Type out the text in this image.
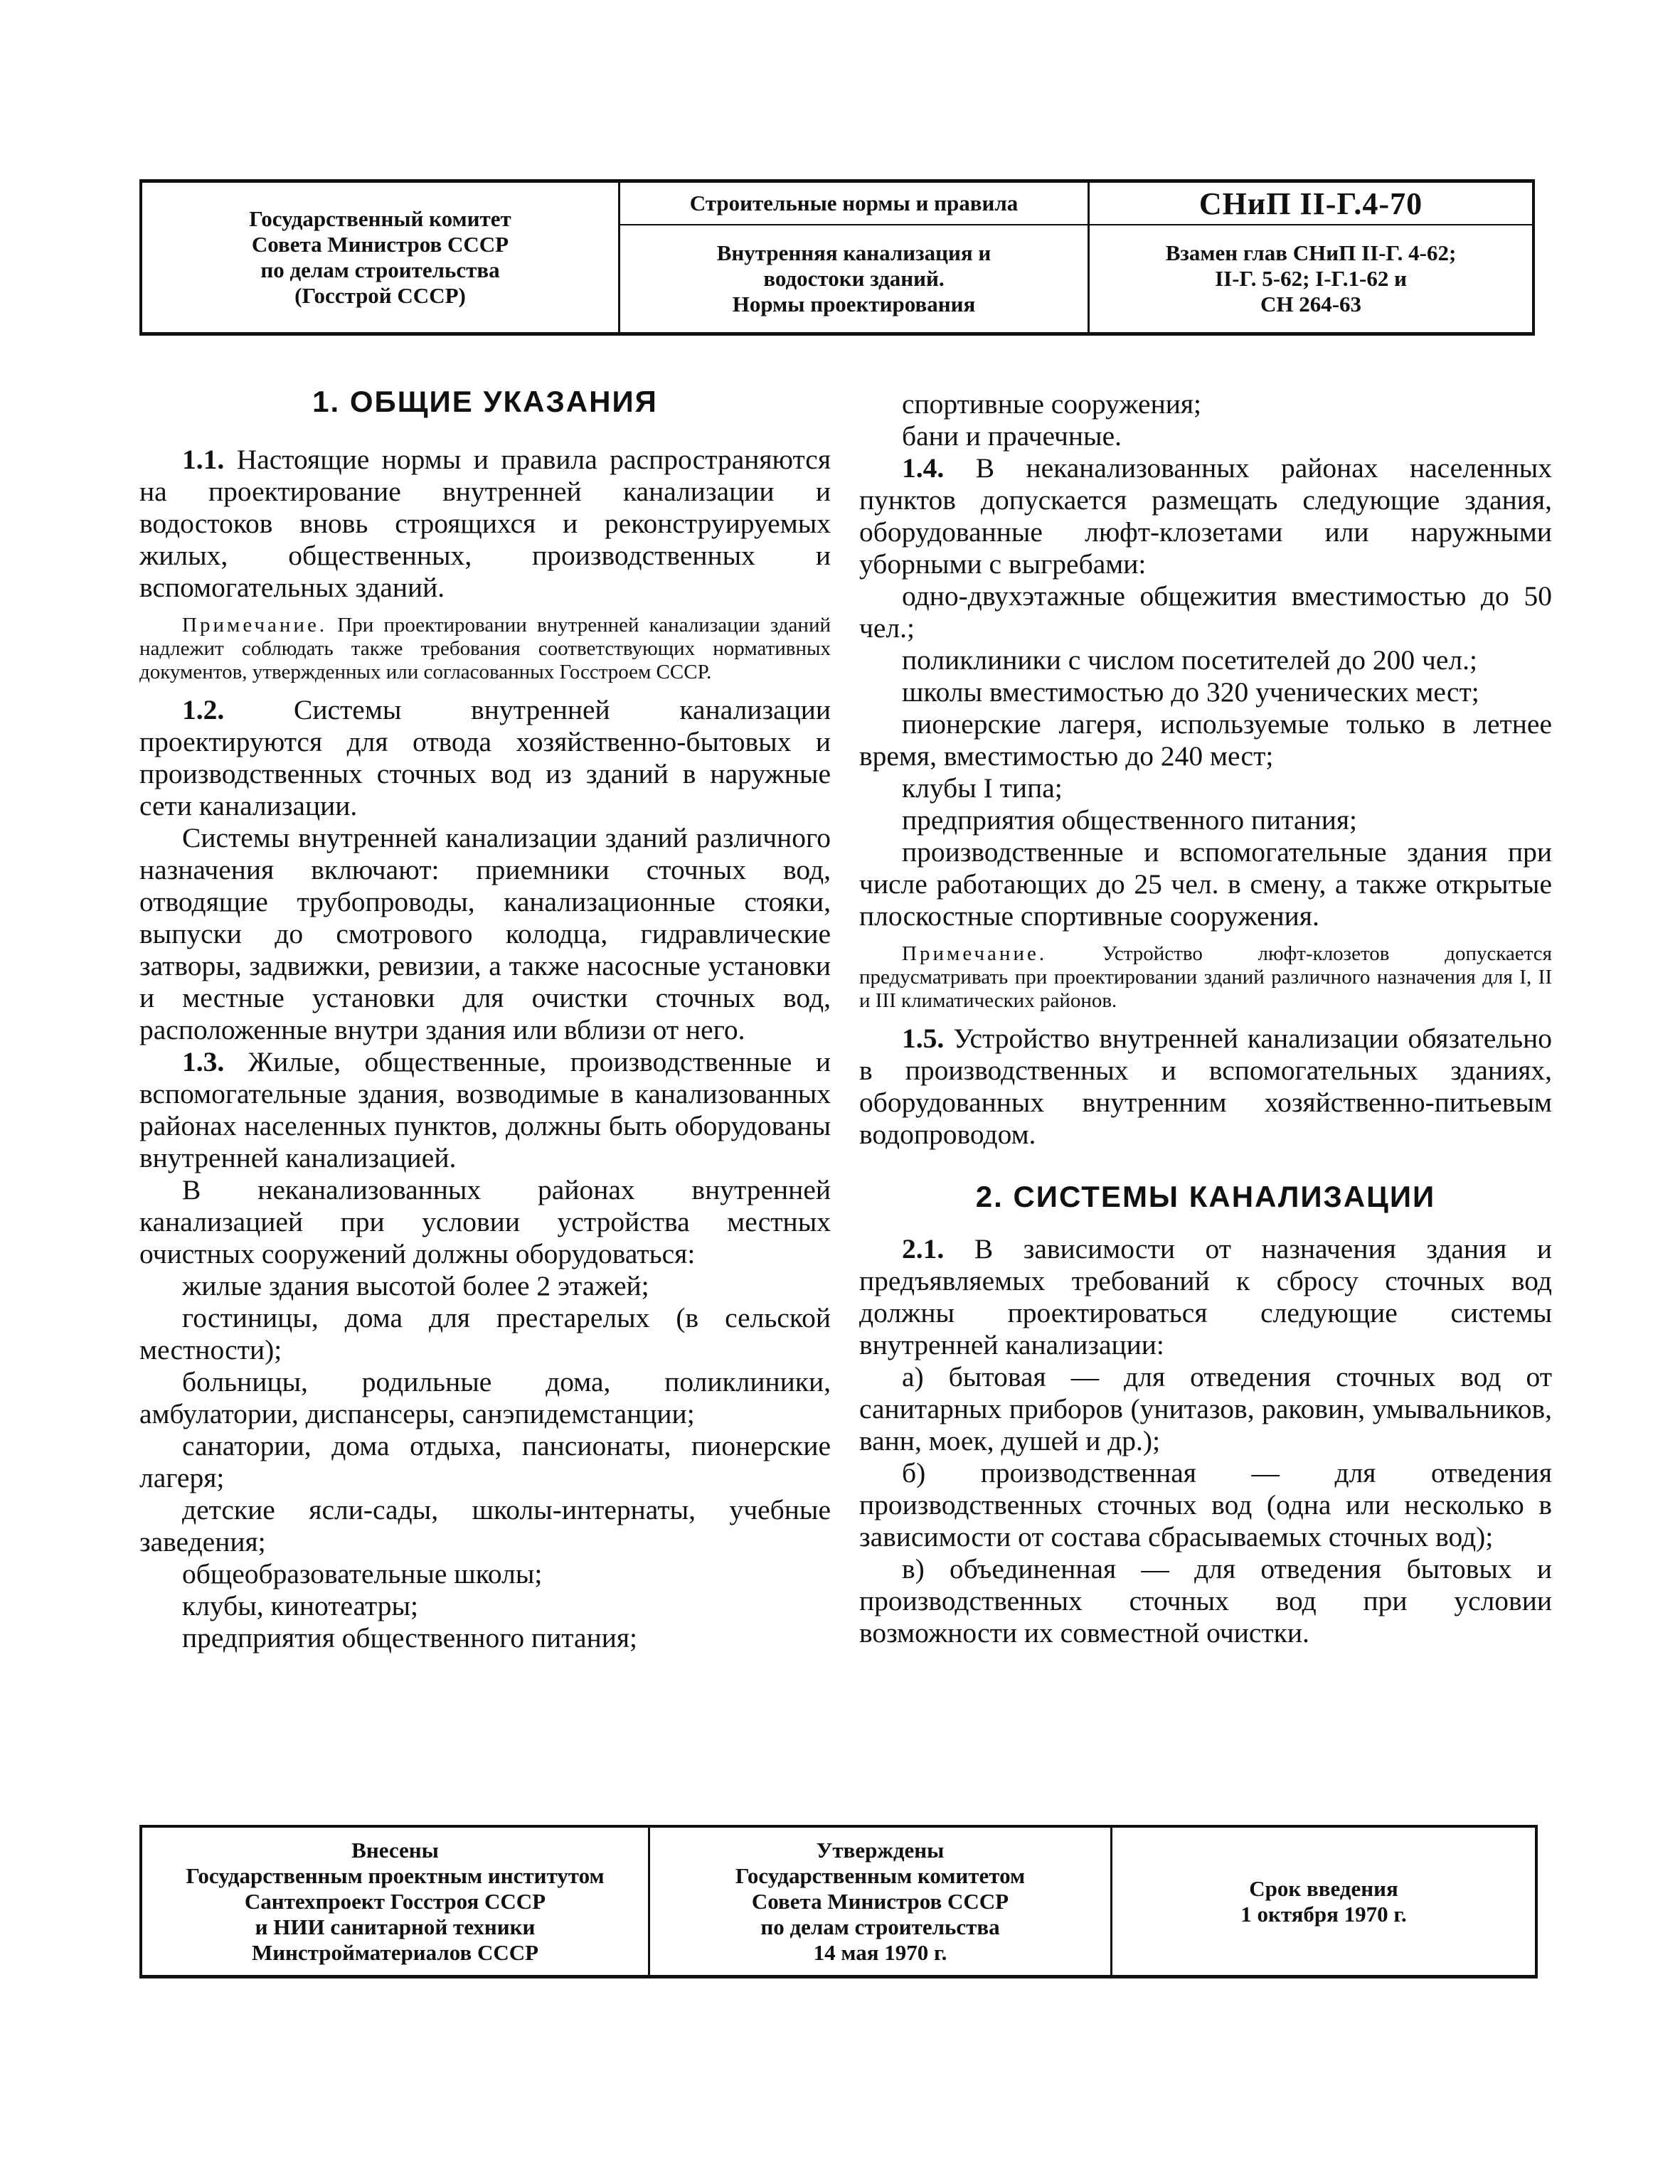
Государственный комитет
Совета Министров СССР
по делам строительства
(Госстрой СССР)
Строительные нормы и правила
Внутренняя канализация и
водостоки зданий.
Нормы проектирования
СНиП II-Г.4-70
Взамен глав СНиП II-Г. 4-62;
II-Г. 5-62; I-Г.1-62 и
СН 264-63
1. ОБЩИЕ УКАЗАНИЯ

1.1. Настоящие нормы и правила распространяются на проектирование внутренней канализации и водостоков вновь строящихся и реконструируемых жилых, общественных, производственных и вспомогательных зданий.

Примечание. При проектировании внутренней канализации зданий надлежит соблюдать также требования соответствующих нормативных документов, утвержденных или согласованных Госстроем СССР.

1.2. Системы внутренней канализации проектируются для отвода хозяйственно-бытовых и производственных сточных вод из зданий в наружные сети канализации.

Системы внутренней канализации зданий различного назначения включают: приемники сточных вод, отводящие трубопроводы, канализационные стояки, выпуски до смотрового колодца, гидравлические затворы, задвижки, ревизии, а также насосные установки и местные установки для очистки сточных вод, расположенные внутри здания или вблизи от него.

1.3. Жилые, общественные, производственные и вспомогательные здания, возводимые в канализованных районах населенных пунктов, должны быть оборудованы внутренней канализацией.

В неканализованных районах внутренней канализацией при условии устройства местных очистных сооружений должны оборудоваться:

жилые здания высотой более 2 этажей;

гостиницы, дома для престарелых (в сельской местности);

больницы, родильные дома, поликлиники, амбулатории, диспансеры, санэпидемстанции;

санатории, дома отдыха, пансионаты, пионерские лагеря;

детские ясли-сады, школы-интернаты, учебные заведения;

общеобразовательные школы;

клубы, кинотеатры;

предприятия общественного питания;

спортивные сооружения;

бани и прачечные.

1.4. В неканализованных районах населенных пунктов допускается размещать следующие здания, оборудованные люфт-клозетами или наружными уборными с выгребами:

одно-двухэтажные общежития вместимостью до 50 чел.;

поликлиники с числом посетителей до 200 чел.;

школы вместимостью до 320 ученических мест;

пионерские лагеря, используемые только в летнее время, вместимостью до 240 мест;

клубы I типа;

предприятия общественного питания;

производственные и вспомогательные здания при числе работающих до 25 чел. в смену, а также открытые плоскостные спортивные сооружения.

Примечание.	Устройство люфт-клозетов допускается предусматривать при проектировании зданий различного назначения для I, II и III климатических районов.

1.5. Устройство внутренней канализации обязательно в производственных и вспомогательных зданиях, оборудованных внутренним хозяйственно-питьевым водопроводом.

2. СИСТЕМЫ КАНАЛИЗАЦИИ

2.1. В зависимости от назначения здания и предъявляемых требований к сбросу сточных вод должны проектироваться следующие системы внутренней канализации:

а) бытовая — для отведения сточных вод от санитарных приборов (унитазов, раковин, умывальников, ванн, моек, душей и др.);

б) производственная — для отведения производственных сточных вод (одна или несколько в зависимости от состава сбрасываемых сточных вод);

в) объединенная — для отведения бытовых и производственных сточных вод при условии возможности их совместной очистки.

Внесены
Государственным проектным институтом
Сантехпроект Госстроя СССР
и НИИ санитарной техники
Минстройматериалов СССР
Утверждены
Государственным комитетом
Совета Министров СССР
по делам строительства
14 мая 1970 г.
Срок введения
1 октября 1970 г.
